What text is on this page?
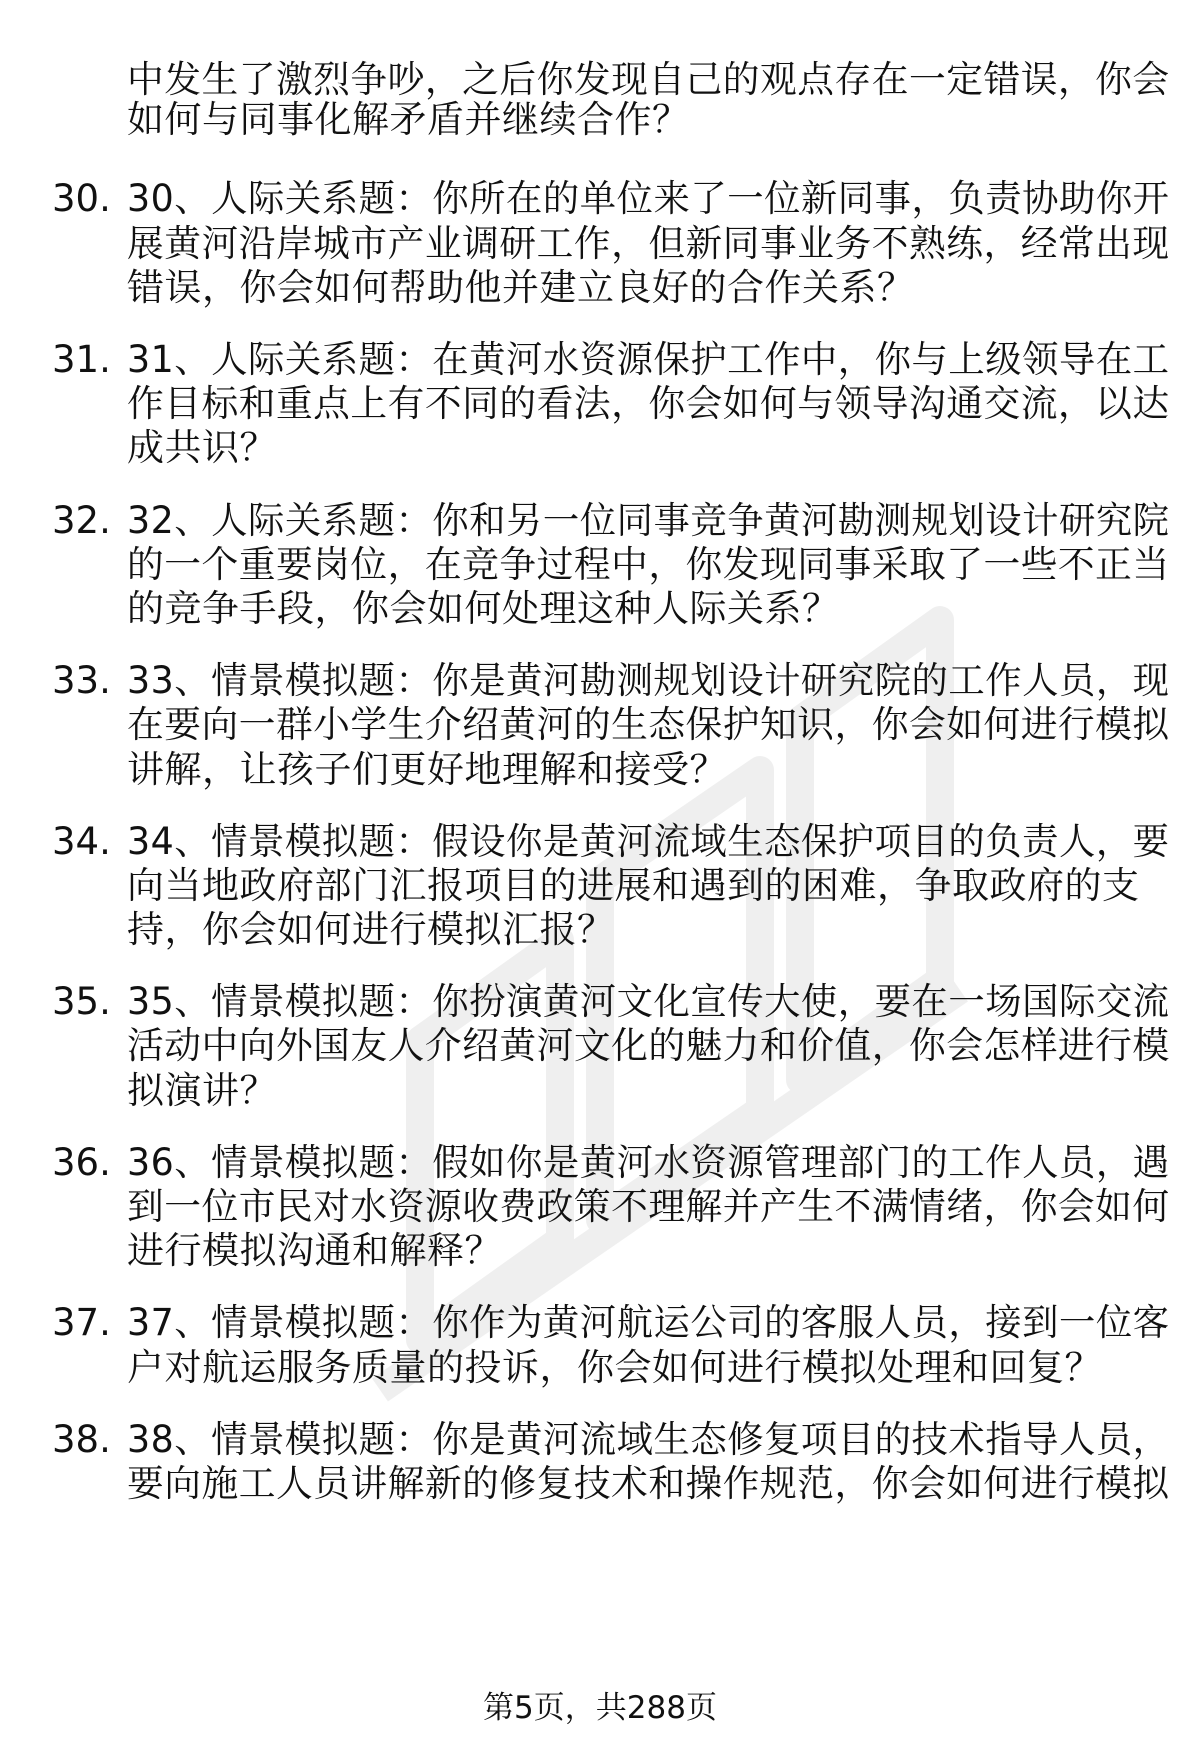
中发生了激烈争吵，之后你发现自己的观点存在一定错误，你会
如何与同事化解矛盾并继续合作？
30. 30、人际关系题：你所在的单位来了一位新同事，负责协助你开
展黄河沿岸城市产业调研工作，但新同事业务不熟练，经常出现
错误，你会如何帮助他并建立良好的合作关系？
31. 31、人际关系题：在黄河水资源保护工作中，你与上级领导在工
作目标和重点上有不同的看法，你会如何与领导沟通交流，以达
成共识？
32. 32、人际关系题：你和另一位同事竞争黄河勘测规划设计研究院
的一个重要岗位，在竞争过程中，你发现同事采取了一些不正当
的竞争手段，你会如何处理这种人际关系？
33. 33、情景模拟题：你是黄河勘测规划设计研究院的工作人员，现
在要向一群小学生介绍黄河的生态保护知识，你会如何进行模拟
讲解，让孩子们更好地理解和接受？
34. 34、情景模拟题：假设你是黄河流域生态保护项目的负责人，要
向当地政府部门汇报项目的进展和遇到的困难，争取政府的支
持，你会如何进行模拟汇报？
35. 35、情景模拟题：你扮演黄河文化宣传大使，要在一场国际交流
活动中向外国友人介绍黄河文化的魅力和价值，你会怎样进行模
拟演讲？
36. 36、情景模拟题：假如你是黄河水资源管理部门的工作人员，遇
到一位市民对水资源收费政策不理解并产生不满情绪，你会如何
进行模拟沟通和解释？
37. 37、情景模拟题：你作为黄河航运公司的客服人员，接到一位客
户对航运服务质量的投诉，你会如何进行模拟处理和回复？
38. 38、情景模拟题：你是黄河流域生态修复项目的技术指导人员，
要向施工人员讲解新的修复技术和操作规范，你会如何进行模拟
第5页，共288页
